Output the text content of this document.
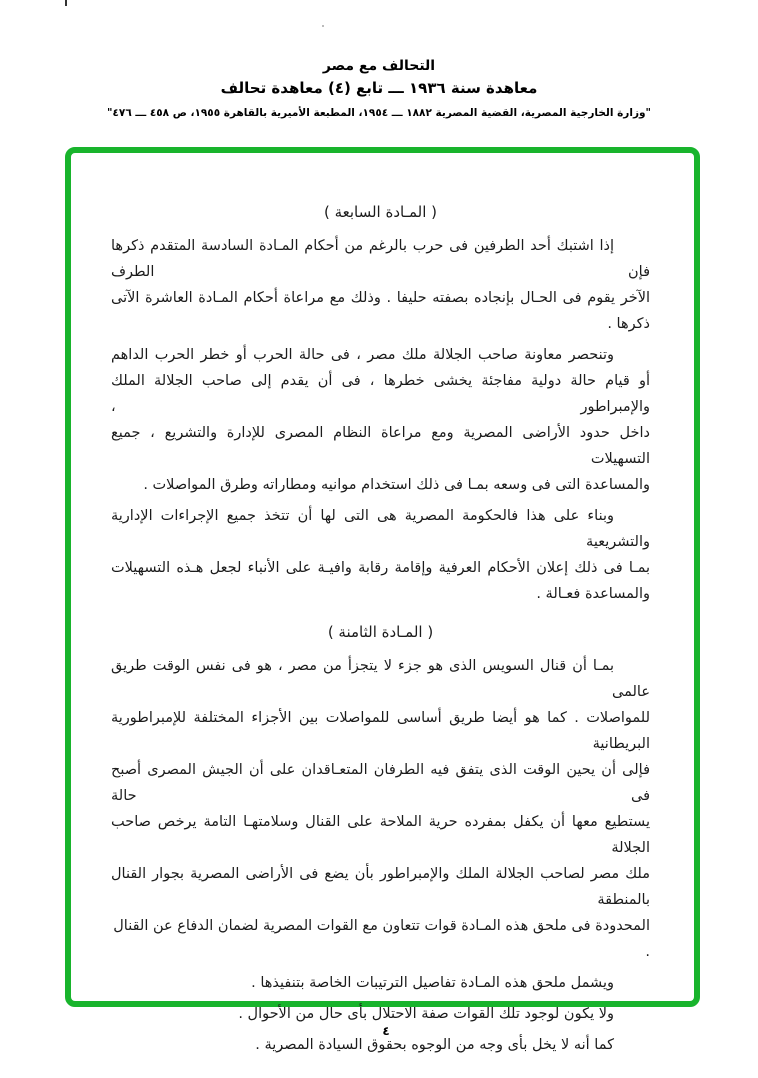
التحالف مع مصر
معاهدة سنة ١٩٣٦ ـــ تابع (٤) معاهدة تحالف
"وزارة الخارجية المصرية، القضية المصرية ١٨٨٢ ـــ ١٩٥٤، المطبعة الأميرية بالقاهرة ١٩٥٥، ص ٤٥٨ ـــ ٤٧٦"
( المـادة السابعة )
إذا اشتبك أحد الطرفين فى حرب بالرغم من أحكام المـادة السادسة المتقدم ذكرها فإن الطرف
الآخر يقوم فى الحـال بإنجاده بصفته حليفا . وذلك مع مراعاة أحكام المـادة العاشرة الآتى
ذكرها .
وتنحصر معاونة صاحب الجلالة ملك مصر ، فى حالة الحرب أو خطر الحرب الداهم
أو قيام حالة دولية مفاجئة يخشى خطرها ، فى أن يقدم إلى صاحب الجلالة الملك والإمبراطور ،
داخل حدود الأراضى المصرية ومع مراعاة النظام المصرى للإدارة والتشريع ، جميع التسهيلات
والمساعدة التى فى وسعه بمـا فى ذلك استخدام موانيه ومطاراته وطرق المواصلات .
وبناء على هذا فالحكومة المصرية هى التى لها أن تتخذ جميع الإجراءات الإدارية والتشريعية
بمـا فى ذلك إعلان الأحكام العرفية وإقامة رقابة وافيـة على الأنباء لجعل هـذه التسهيلات
والمساعدة فعـالة .
( المـادة الثامنة )
بمـا أن قنال السويس الذى هو جزء لا يتجزأ من مصر ، هو فى نفس الوقت طريق عالمى
للمواصلات . كما هو أيضا طريق أساسى للمواصلات بين الأجزاء المختلفة للإمبراطورية البريطانية
فإلى أن يحين الوقت الذى يتفق فيه الطرفان المتعـاقدان على أن الجيش المصرى أصبح فى حالة
يستطيع معها أن يكفل بمفرده حرية الملاحة على القنال وسلامتهـا التامة يرخص صاحب الجلالة
ملك مصر لصاحب الجلالة الملك والإمبراطور بأن يضع فى الأراضى المصرية بجوار القنال بالمنطقة
المحدودة فى ملحق هذه المـادة قوات تتعاون مع القوات المصرية لضمان الدفاع عن القنال .
ويشمل ملحق هذه المـادة تفاصيل الترتيبات الخاصة بتنفيذها .
ولا يكون لوجود تلك القوات صفة الاحتلال بأى حال من الأحوال .
كما أنه لا يخل بأى وجه من الوجوه بحقوق السيادة المصرية .
٤
